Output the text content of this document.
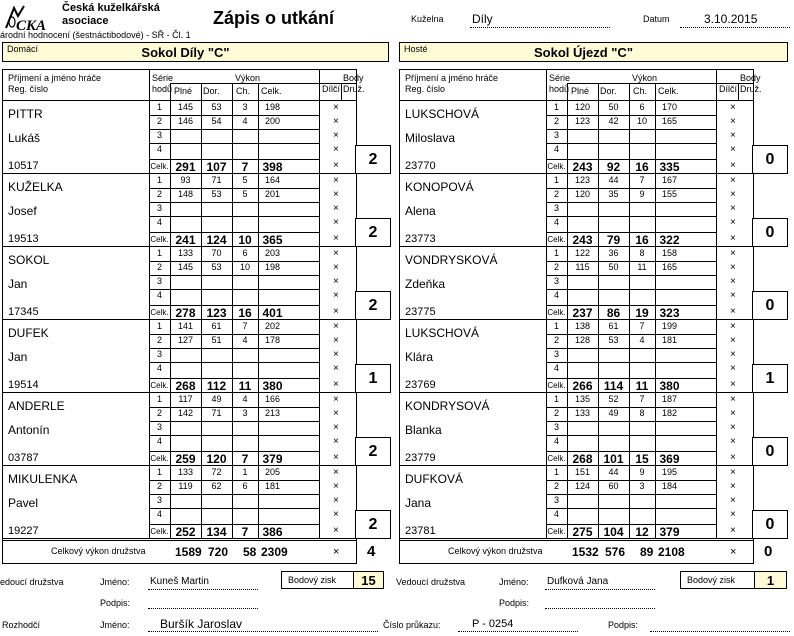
CKA
Česká kuželkářská
asociace
árodní hodnocení (šestnáctibodové) - SŘ - Čl. 1
Zápis o utkání	Kuželna Díly	Datum	3.10.2015
Domácí	Sokol Díly "C"	Hosté	Sokol Újezd "C"
Příjmení a jméno hráče
Reg. číslo
Série
hodů
Výkon
Plné Dor. Ch. Celk.
Body
Dílčí Druž.
PITTR
Lukáš
10517
1	145	53	3	198	×
2	146	54	4	200	×
3	×
4	×
Celk. 291 107	7	398	×	2
KUŽELKA
Josef
19513
1	93	71	5	164	×
2	148	53	5	201	×
3	×
4	×
Celk. 241 124 10 365	×	2
SOKOL
Jan
17345
1	133	70	6	203	×
2	145	53	10	198	×
3	×
4	×
Celk. 278 123 16 401	×	2
DUFEK
Jan
19514
1	141	61	7	202	×
2	127	51	4	178	×
3	×
4	×
Celk. 268 112	11 380	×	1
ANDERLE
Antonín
03787
1	117	49	4	166	×
2	142	71	3	213	×
3	×
4	×
Celk. 259 120	7	379	×	2
MIKULENKA
Pavel
19227
1	133	72	1	205	×
2	119	62	6	181	×
3	×
4	×
Celk. 252 134	7	386	×	2
Příjmení a jméno hráče
Reg. číslo
Série
hodů
Výkon
Plné Dor. Ch. Celk.
Body
Dílčí Druž.
LUKSCHOVÁ
Miloslava
23770
1	120	50	6	170	×
2	123	42	10	165	×
3	×
4	×
Celk. 243	92	16 335	×	0
KONOPOVÁ
Alena
23773
1	123	44	7	167	×
2	120	35	9	155	×
3	×
4	×
Celk. 243	79	16 322	×	0
VONDRYSKOVÁ
Zdeňka
23775
1	122	36	8	158	×
2	115	50	11	165	×
3	×
4	×
Celk. 237	86	19 323	×	0
LUKSCHOVÁ
Klára
23769
1	138	61	7	199	×
2	128	53	4	181	×
3	×
4	×
Celk. 266 114	11 380	×	1
KONDRYSOVÁ
Blanka
23779
1	135	52	7	187	×
2	133	49	8	182	×
3	×
4	×
Celk. 268 101 15 369	×	0
DUFKOVÁ
Jana
23781
1	151	44	9	195	×
2	124	60	3	184	×
3	×
4	×
Celk. 275 104 12 379	×	0
Celkový výkon družstva 1589 720 58 2309	× 4	Celkový výkon družstva 1532 576 89 2108	× 0
edoucí družstva	Jméno: Kuneš Martin
Podpis:
Bodový zisk	15	Vedoucí družstva	Jméno: Dufková Jana
Podpis:
Bodový zisk	1
Rozhodčí	Jméno:	Buršík Jaroslav	Číslo průkazu:	P - 0254	Podpis:
